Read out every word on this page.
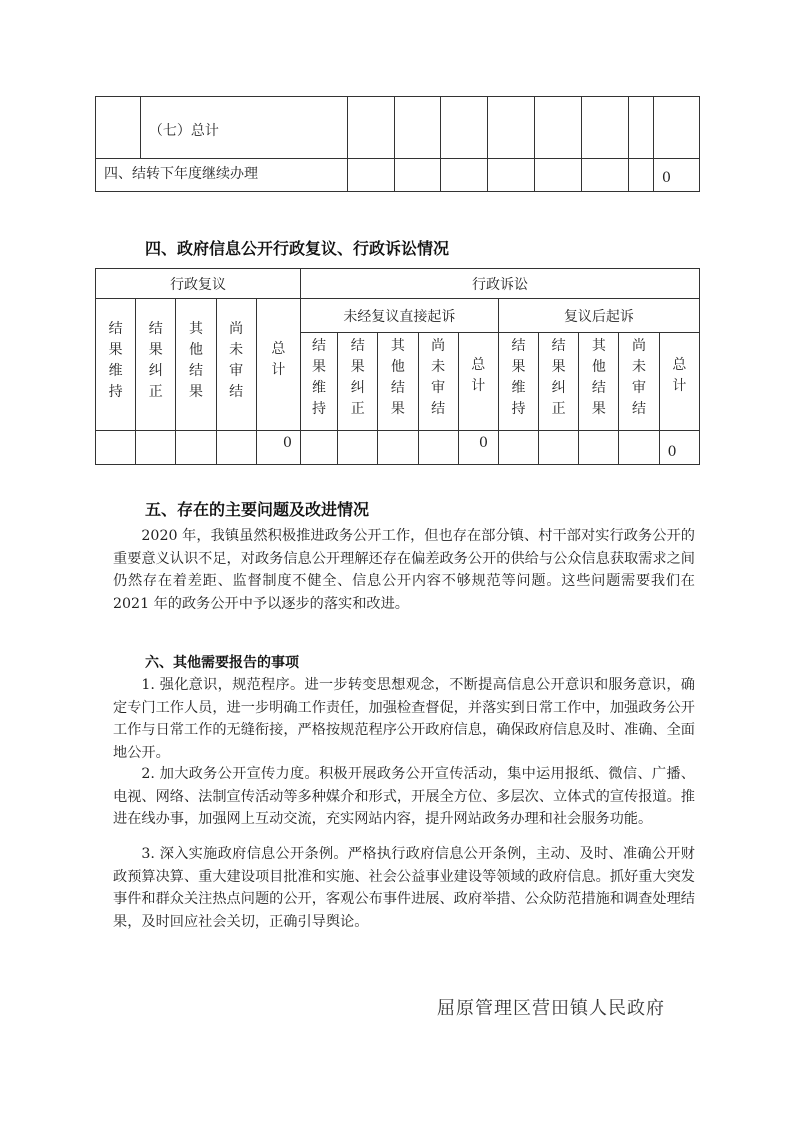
	（七）总计								
四、结转下年度继续办理									0
四、政府信息公开行政复议、行政诉讼情况
行政复议					行政诉讼									

结
果
维
持	结
果
纠
正	其
他
结
果	尚
未
审
结	总
计	未经复议直接起诉					复议后起诉				

					结
果
维
持	结
果
纠
正	其
他
结
果	尚
未
审
结	总
计	结
果
维
持	结
果
纠
正	其
他
结
果	尚
未
审
结	总
计

				0					0					0
五、存在的主要问题及改进情况
2020 年，我镇虽然积极推进政务公开工作，但也存在部分镇、村干部对实行政务公开的重要意义认识不足，对政务信息公开理解还存在偏差政务公开的供给与公众信息获取需求之间仍然存在着差距、监督制度不健全、信息公开内容不够规范等问题。这些问题需要我们在 2021 年的政务公开中予以逐步的落实和改进。
六、其他需要报告的事项
1. 强化意识，规范程序。进一步转变思想观念，不断提高信息公开意识和服务意识，确定专门工作人员，进一步明确工作责任，加强检查督促，并落实到日常工作中，加强政务公开工作与日常工作的无缝衔接，严格按规范程序公开政府信息，确保政府信息及时、准确、全面地公开。
2. 加大政务公开宣传力度。积极开展政务公开宣传活动，集中运用报纸、微信、广播、电视、网络、法制宣传活动等多种媒介和形式，开展全方位、多层次、立体式的宣传报道。推进在线办事，加强网上互动交流，充实网站内容，提升网站政务办理和社会服务功能。
3. 深入实施政府信息公开条例。严格执行政府信息公开条例，主动、及时、准确公开财政预算决算、重大建设项目批准和实施、社会公益事业建设等领域的政府信息。抓好重大突发事件和群众关注热点问题的公开，客观公布事件进展、政府举措、公众防范措施和调查处理结果，及时回应社会关切，正确引导舆论。
屈原管理区营田镇人民政府
